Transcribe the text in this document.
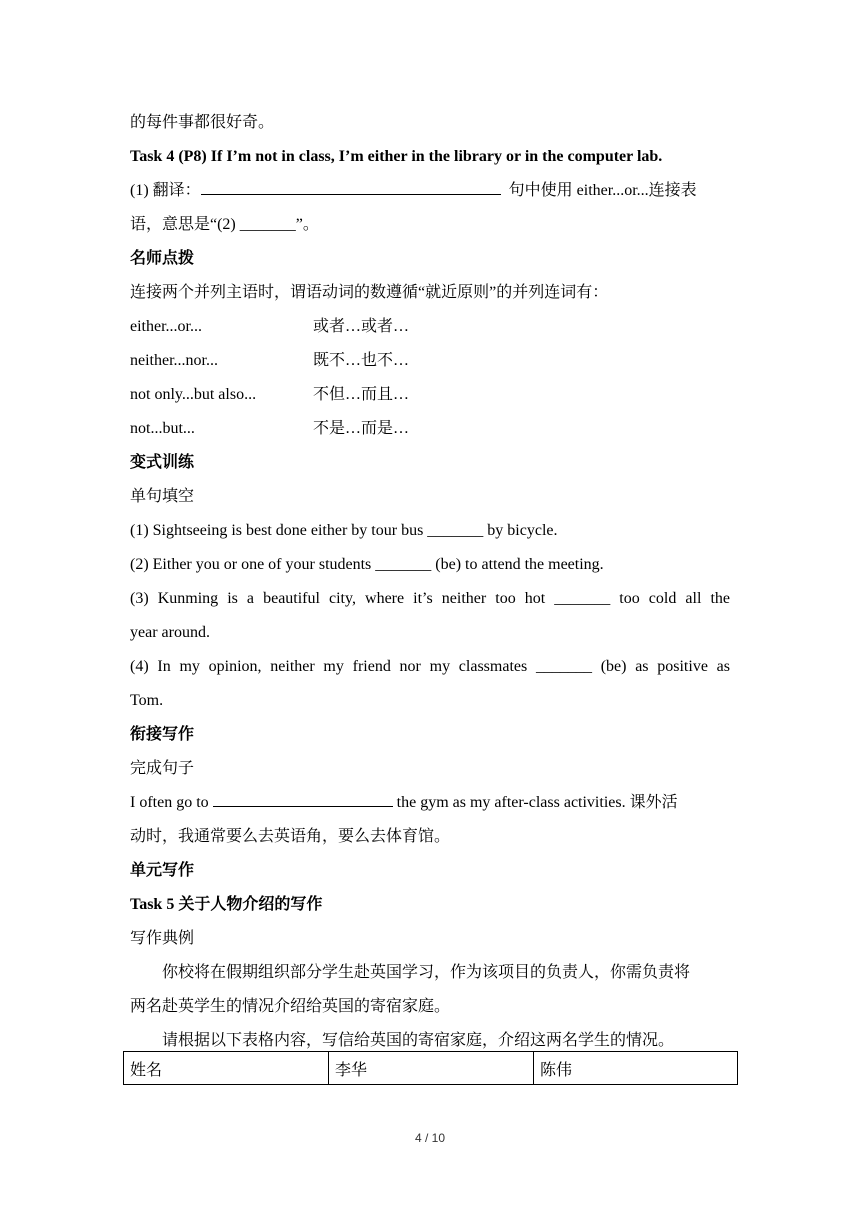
的每件事都很好奇。
Task 4 (P8) If I’m not in class, I’m either in the library or in the computer lab.
(1) 翻译：	句中使用 either...or...连接表
语，意思是“(2) _______”。
名师点拨
连接两个并列主语时，谓语动词的数遵循“就近原则”的并列连词有：
either...or...	或者…或者…
neither...nor...	既不…也不…
not only...but also...	不但…而且…
not...but...	不是…而是…
变式训练
单句填空
(1) Sightseeing is best done either by tour bus _______ by bicycle.
(2) Either you or one of your students _______ (be) to attend the meeting.
(3) Kunming is a beautiful city, where it’s neither too hot _______ too cold all the
year around.
(4) In my opinion, neither my friend nor my classmates _______ (be) as positive as
Tom.
衔接写作
完成句子
I often go to	the gym as my after-class activities. 课外活
动时，我通常要么去英语角，要么去体育馆。
单元写作
Task 5 关于人物介绍的写作
写作典例
你校将在假期组织部分学生赴英国学习，作为该项目的负责人，你需负责将
两名赴英学生的情况介绍给英国的寄宿家庭。
请根据以下表格内容，写信给英国的寄宿家庭，介绍这两名学生的情况。
姓名	李华	陈伟
4 / 10
